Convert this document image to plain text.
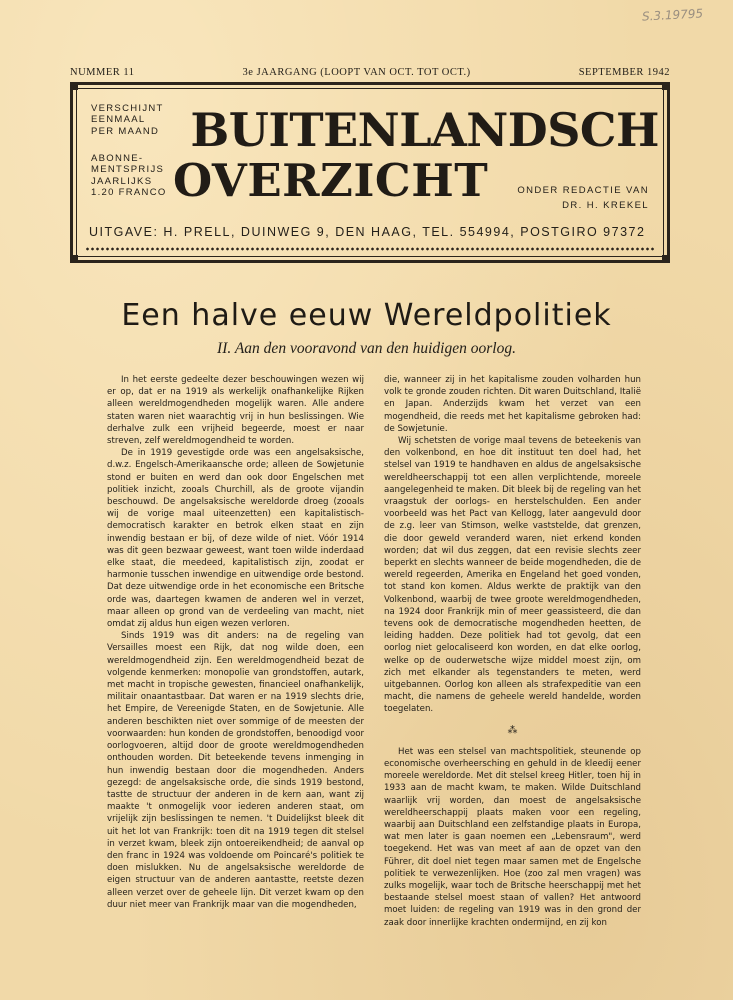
S.3.19795
NUMMER 11	3e JAARGANG (LOOPT VAN OCT. TOT OCT.)	SEPTEMBER 1942
VERSCHIJNT
EENMAAL
PER MAAND
ABONNE-
MENTSPRIJS
JAARLIJKS
1.20 FRANCO
BUITENLANDSCH
OVERZICHT	ONDER REDACTIE VAN
DR. H. KREKEL
UITGAVE: H. PRELL, DUINWEG 9, DEN HAAG, TEL. 554994, POSTGIRO 97372
Een halve eeuw Wereldpolitiek
II. Aan den vooravond van den huidigen oorlog.

In het eerste gedeelte dezer beschouwingen wezen wij er op, dat er na 1919 als werkelijk onafhankelijke Rijken alleen wereldmogendheden mogelijk waren. Alle andere staten waren niet waarachtig vrij in hun beslissingen. Wie derhalve zulk een vrijheid begeerde, moest er naar streven, zelf wereldmogendheid te worden.

De in 1919 gevestigde orde was een angelsaksische, d.w.z. Engelsch-Amerikaansche orde; alleen de Sowjetunie stond er buiten en werd dan ook door Engelschen met politiek inzicht, zooals Churchill, als de groote vijandin beschouwd. De angelsaksische wereldorde droeg (zooals wij de vorige maal uiteenzetten) een kapitalistisch-democratisch karakter en betrok elken staat en zijn inwendig bestaan er bij, of deze wilde of niet. Vóór 1914 was dit geen bezwaar geweest, want toen wilde inderdaad elke staat, die meedeed, kapitalistisch zijn, zoodat er harmonie tusschen inwendige en uitwendige orde bestond. Dat deze uitwendige orde in het economische een Britsche orde was, daartegen kwamen de anderen wel in verzet, maar alleen op grond van de verdeeling van macht, niet omdat zij aldus hun eigen wezen verloren.

Sinds 1919 was dit anders: na de regeling van Versailles moest een Rijk, dat nog wilde doen, een wereldmogendheid zijn. Een wereldmogendheid bezat de volgende kenmerken: monopolie van grondstoffen, autark, met macht in tropische gewesten, financieel onafhankelijk, militair onaantastbaar. Dat waren er na 1919 slechts drie, het Empire, de Vereenigde Staten, en de Sowjetunie. Alle anderen beschikten niet over sommige of de meesten der voorwaarden: hun konden de grondstoffen, benoodigd voor oorlogvoeren, altijd door de groote wereldmogendheden onthouden worden. Dit beteekende tevens inmenging in hun inwendig bestaan door die mogendheden. Anders gezegd: de angelsaksische orde, die sinds 1919 bestond, tastte de structuur der anderen in de kern aan, want zij maakte 't onmogelijk voor iederen anderen staat, om vrijelijk zijn beslissingen te nemen. 't Duidelijkst bleek dit uit het lot van Frankrijk: toen dit na 1919 tegen dit stelsel in verzet kwam, bleek zijn ontoereikendheid; de aanval op den franc in 1924 was voldoende om Poincaré's politiek te doen mislukken. Nu de angelsaksische wereldorde de eigen structuur van de anderen aantastte, reetste dezen alleen verzet over de geheele lijn. Dit verzet kwam op den duur niet meer van Frankrijk maar van die mogendheden,

die, wanneer zij in het kapitalisme zouden volharden hun volk te gronde zouden richten. Dit waren Duitschland, Italië en Japan. Anderzijds kwam het verzet van een mogendheid, die reeds met het kapitalisme gebroken had: de Sowjetunie.

Wij schetsten de vorige maal tevens de beteekenis van den volkenbond, en hoe dit instituut ten doel had, het stelsel van 1919 te handhaven en aldus de angelsaksische wereldheerschappij tot een allen verplichtende, moreele aangelegenheid te maken. Dit bleek bij de regeling van het vraagstuk der oorlogs- en herstelschulden. Een ander voorbeeld was het Pact van Kellogg, later aangevuld door de z.g. leer van Stimson, welke vaststelde, dat grenzen, die door geweld veranderd waren, niet erkend konden worden; dat wil dus zeggen, dat een revisie slechts zeer beperkt en slechts wanneer de beide mogendheden, die de wereld regeerden, Amerika en Engeland het goed vonden, tot stand kon komen. Aldus werkte de praktijk van den Volkenbond, waarbij de twee groote wereldmogendheden, na 1924 door Frankrijk min of meer geassisteerd, die dan tevens ook de democratische mogendheden heetten, de leiding hadden. Deze politiek had tot gevolg, dat een oorlog niet gelocaliseerd kon worden, en dat elke oorlog, welke op de ouderwetsche wijze middel moest zijn, om zich met elkander als tegenstanders te meten, werd uitgebannen. Oorlog kon alleen als strafexpeditie van een macht, die namens de geheele wereld handelde, worden toegelaten.

⁂

Het was een stelsel van machtspolitiek, steunende op economische overheersching en gehuld in de kleedij eener moreele wereldorde. Met dit stelsel kreeg Hitler, toen hij in 1933 aan de macht kwam, te maken. Wilde Duitschland waarlijk vrij worden, dan moest de angelsaksische wereldheerschappij plaats maken voor een regeling, waarbij aan Duitschland een zelfstandige plaats in Europa, wat men later is gaan noemen een „Lebensraum", werd toegekend. Het was van meet af aan de opzet van den Führer, dit doel niet tegen maar samen met de Engelsche politiek te verwezenlijken. Hoe (zoo zal men vragen) was zulks mogelijk, waar toch de Britsche heerschappij met het bestaande stelsel moest staan of vallen? Het antwoord moet luiden: de regeling van 1919 was in den grond der zaak door innerlijke krachten ondermijnd, en zij kon
